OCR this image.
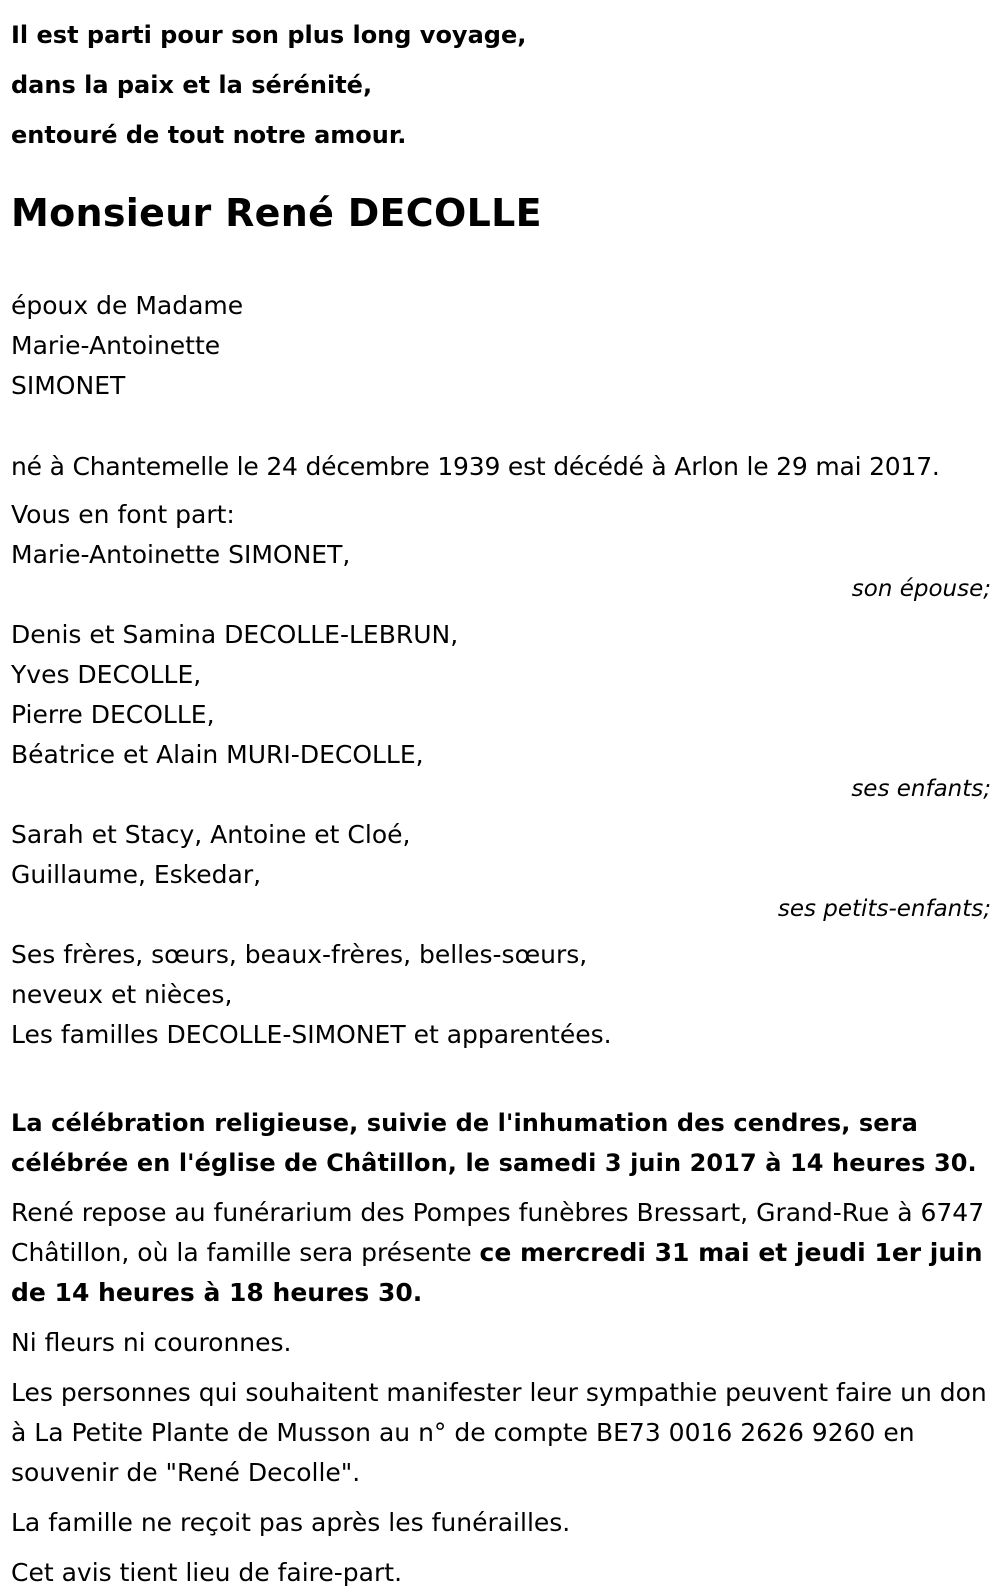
Il est parti pour son plus long voyage,
dans la paix et la sérénité,
entouré de tout notre amour.
Monsieur René DECOLLE
époux de Madame
Marie-Antoinette
SIMONET
né à Chantemelle le 24 décembre 1939 est décédé à Arlon le 29 mai 2017.
Vous en font part:
Marie-Antoinette SIMONET,
son épouse;
Denis et Samina DECOLLE-LEBRUN,
Yves DECOLLE,
Pierre DECOLLE,
Béatrice et Alain MURI-DECOLLE,
ses enfants;
Sarah et Stacy, Antoine et Cloé,
Guillaume, Eskedar,
ses petits-enfants;
Ses frères, sœurs, beaux-frères, belles-sœurs,
neveux et nièces,
Les familles DECOLLE-SIMONET et apparentées.
La célébration religieuse, suivie de l'inhumation des cendres, sera célébrée en l'église de Châtillon, le samedi 3 juin 2017 à 14 heures 30.
René repose au funérarium des Pompes funèbres Bressart, Grand-Rue à 6747 Châtillon, où la famille sera présente ce mercredi 31 mai et jeudi 1er juin de 14 heures à 18 heures 30.
Ni fleurs ni couronnes.
Les personnes qui souhaitent manifester leur sympathie peuvent faire un don à La Petite Plante de Musson au n° de compte BE73 0016 2626 9260 en souvenir de "René Decolle".
La famille ne reçoit pas après les funérailles.
Cet avis tient lieu de faire-part.
